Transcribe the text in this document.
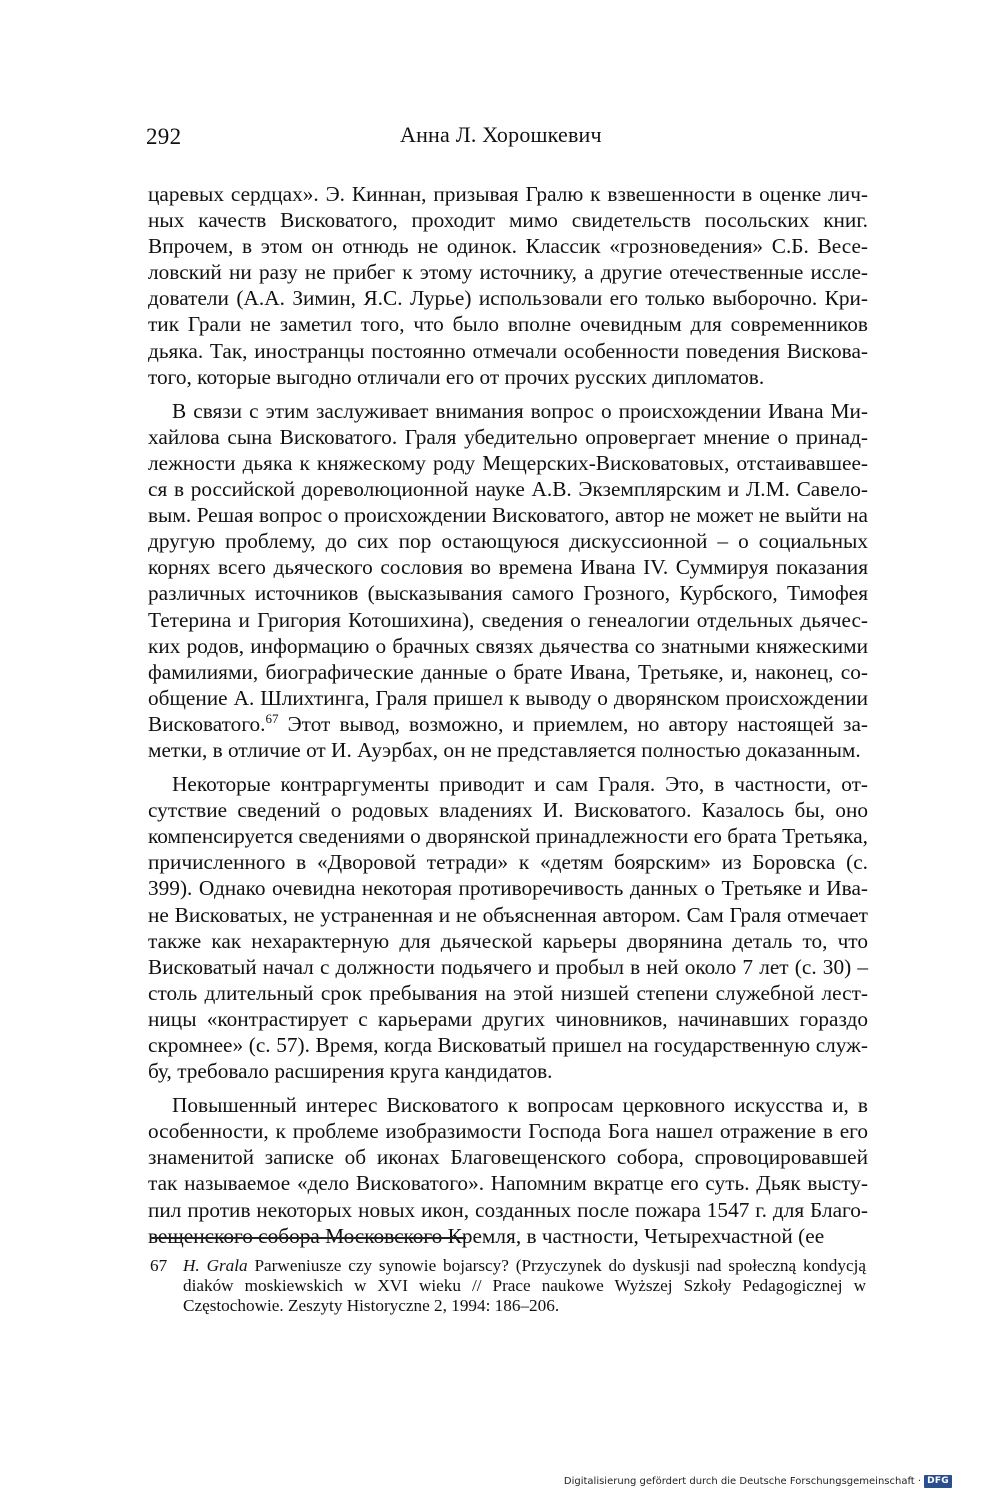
292	Анна Л. Хорошкевич

царевых сердцах». Э. Киннан, призывая Гралю к взвешенности в оценке личных качеств Висковатого, проходит мимо свидетельств посольских книг. Впрочем, в этом он отнюдь не одинок. Классик «грозноведения» С.Б. Веселовский ни разу не прибег к этому источнику, а другие отечественные исследователи (А.А. Зимин, Я.С. Лурье) использовали его только выборочно. Критик Грали не заметил того, что было вполне очевидным для современников дьяка. Так, иностранцы постоянно отмечали особенности поведения Висковатого, которые выгодно отличали его от прочих русских дипломатов.

В связи с этим заслуживает внимания вопрос о происхождении Ивана Михайлова сына Висковатого. Граля убедительно опровергает мнение о принадлежности дьяка к княжескому роду Мещерских-Висковатовых, отстаивавшееся в российской дореволюционной науке А.В. Экземплярским и Л.М. Савеловым. Решая вопрос о происхождении Висковатого, автор не может не выйти на другую проблему, до сих пор остающуюся дискуссионной – о социальных корнях всего дьяческого сословия во времена Ивана IV. Суммируя показания различных источников (высказывания самого Грозного, Курбского, Тимофея Тетерина и Григория Котошихина), сведения о генеалогии отдельных дьяческих родов, информацию о брачных связях дьячества со знатными княжескими фамилиями, биографические данные о брате Ивана, Третьяке, и, наконец, сообщение А. Шлихтинга, Граля пришел к выводу о дворянском происхождении Висковатого.$^{67}$ Этот вывод, возможно, и приемлем, но автору настоящей заметки, в отличие от И. Ауэрбах, он не представляется полностью доказанным.

Некоторые контраргументы приводит и сам Граля. Это, в частности, отсутствие сведений о родовых владениях И. Висковатого. Казалось бы, оно компенсируется сведениями о дворянской принадлежности его брата Третьяка, причисленного в «Дворовой тетради» к «детям боярским» из Боровска (с. 399). Однако очевидна некоторая противоречивость данных о Третьяке и Иване Висковатых, не устраненная и не объясненная автором. Сам Граля отмечает также как нехарактерную для дьяческой карьеры дворянина деталь то, что Висковатый начал с должности подьячего и пробыл в ней около 7 лет (с. 30) – столь длительный срок пребывания на этой низшей степени служебной лестницы «контрастирует с карьерами других чиновников, начинавших гораздо скромнее» (с. 57). Время, когда Висковатый пришел на государственную службу, требовало расширения круга кандидатов.

Повышенный интерес Висковатого к вопросам церковного искусства и, в особенности, к проблеме изобразимости Господа Бога нашел отражение в его знаменитой записке об иконах Благовещенского собора, спровоцировавшей так называемое «дело Висковатого». Напомним вкратце его суть. Дьяк выступил против некоторых новых икон, созданных после пожара 1547 г. для Благовещенского собора Московского Кремля, в частности, Четырехчастной (ее

67 H. Grala Parweniusze czy synowie bojarscy? (Przyczynek do dyskusji nad społeczną kondycją diaków moskiewskich w XVI wieku // Prace naukowe Wyższej Szkoły Pedagogicznej w Częstochowie. Zeszyty Historyczne 2, 1994: 186–206.
Digitalisierung gefördert durch die Deutsche Forschungsgemeinschaft · DFG
